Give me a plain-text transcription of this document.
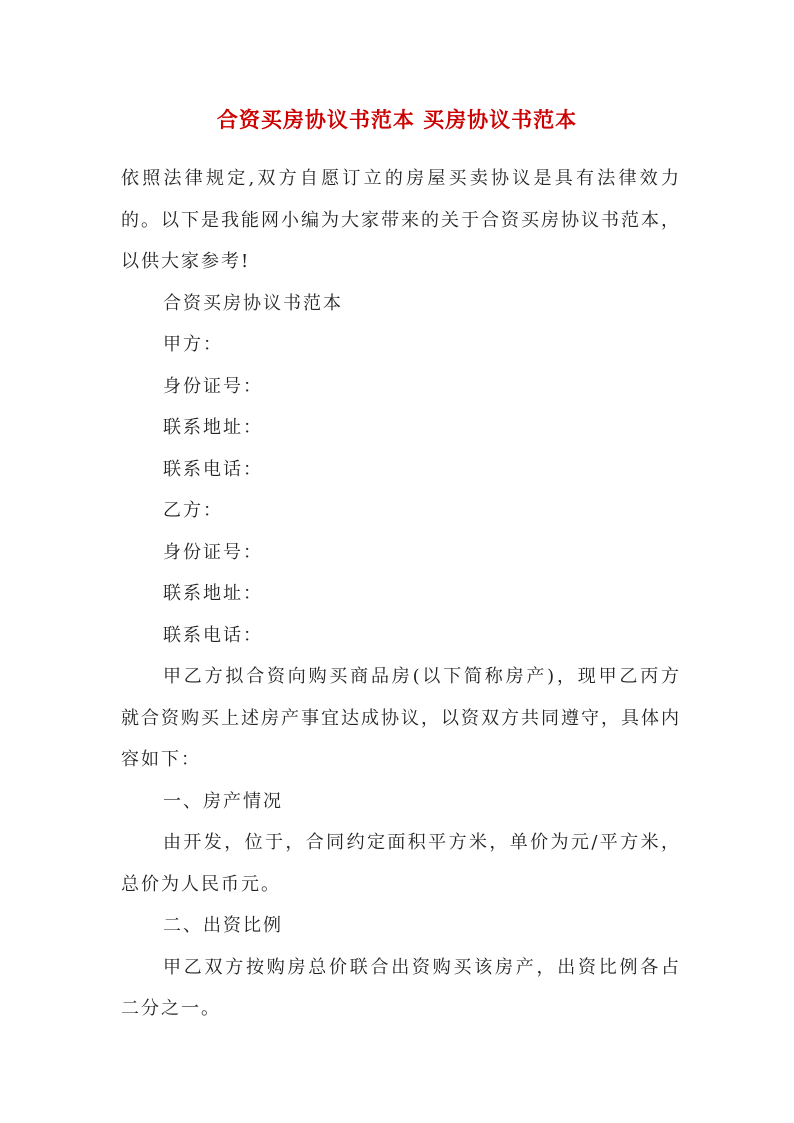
合资买房协议书范本 买房协议书范本

依照法律规定,双方自愿订立的房屋买卖协议是具有法律效力的。以下是我能网小编为大家带来的关于合资买房协议书范本，以供大家参考!

合资买房协议书范本

甲方：

身份证号：

联系地址：

联系电话：

乙方：

身份证号：

联系地址：

联系电话：

甲乙方拟合资向购买商品房(以下简称房产)，现甲乙丙方就合资购买上述房产事宜达成协议，以资双方共同遵守，具体内容如下：

一、房产情况

由开发，位于，合同约定面积平方米，单价为元/平方米，总价为人民币元。

二、出资比例

甲乙双方按购房总价联合出资购买该房产，出资比例各占二分之一。
